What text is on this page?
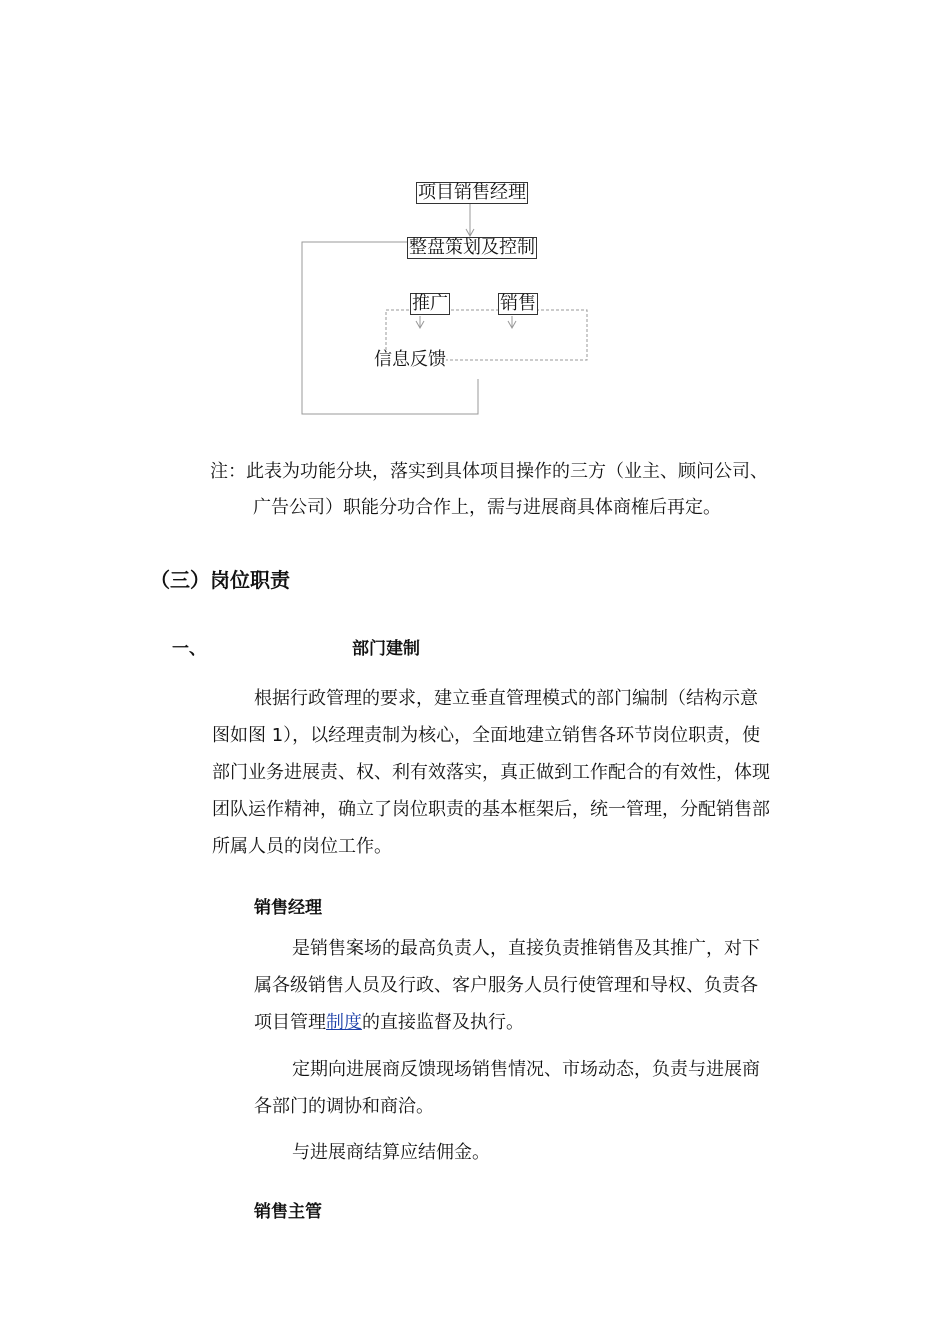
项目销售经理
整盘策划及控制
推广	销售
信息反馈
注：此表为功能分块，落实到具体项目操作的三方（业主、顾问公司、
广告公司）职能分功合作上，需与进展商具体商榷后再定。
（三）岗位职责
一、	部门建制
根据行政管理的要求，建立垂直管理模式的部门编制（结构示意
图如图 1），以经理责制为核心，全面地建立销售各环节岗位职责，使
部门业务进展责、权、利有效落实，真正做到工作配合的有效性，体现
团队运作精神，确立了岗位职责的基本框架后，统一管理，分配销售部
所属人员的岗位工作。
销售经理
是销售案场的最高负责人，直接负责推销售及其推广，对下
属各级销售人员及行政、客户服务人员行使管理和导权、负责各
项目管理制度的直接监督及执行。
定期向进展商反馈现场销售情况、市场动态，负责与进展商
各部门的调协和商洽。
与进展商结算应结佣金。
销售主管
